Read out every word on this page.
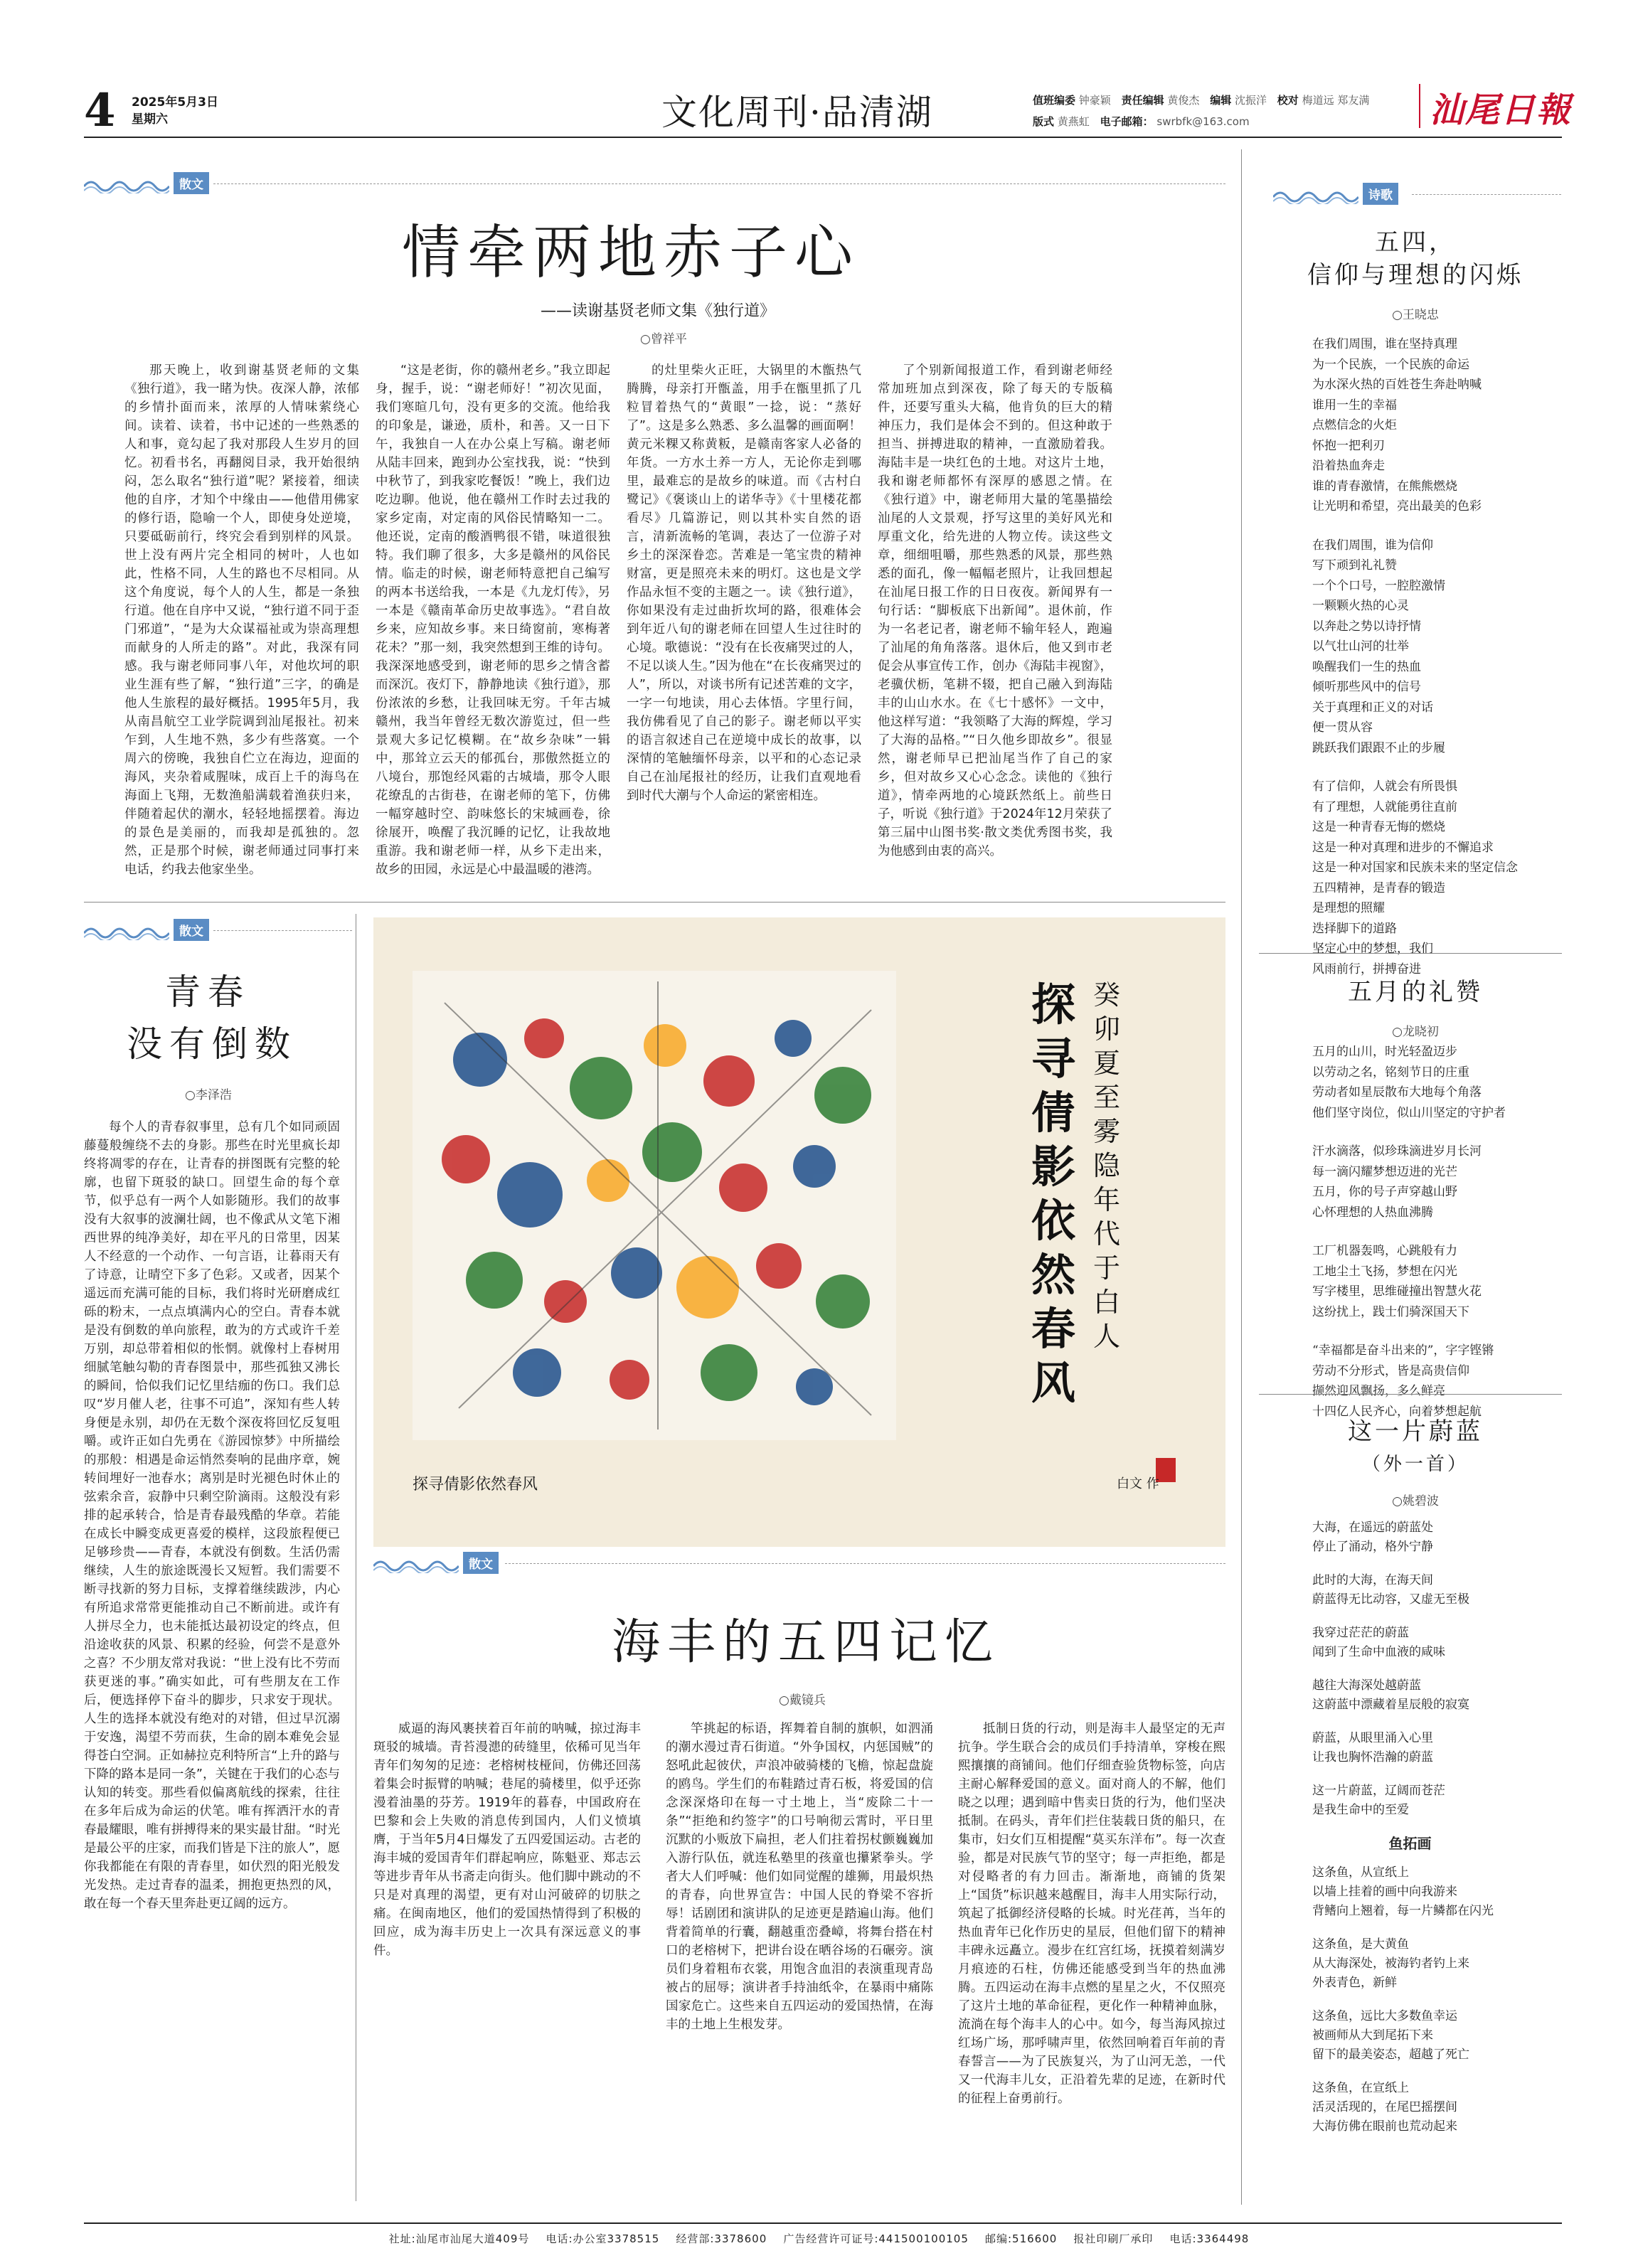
4 2025年5月3日
星期六	文化周刊·品清湖	值班编委 钟豪颖 责任编辑 黄俊杰 编辑 沈振洋 校对 梅道远 郑友满
版式 黄燕虹 电子邮箱： swrbfk@163.com	汕尾日報
散文
情牵两地赤子心
——读谢基贤老师文集《独行道》
○曾祥平

那天晚上，收到谢基贤老师的文集《独行道》，我一睹为快。夜深人静，浓郁的乡情扑面而来，浓厚的人情味萦绕心间。读着、读着，书中记述的一些熟悉的人和事，竟勾起了我对那段人生岁月的回忆。初看书名，再翻阅目录，我开始很纳闷，怎么取名“独行道”呢？紧接着，细读他的自序，才知个中缘由——他借用佛家的修行语，隐喻一个人，即使身处逆境，只要砥砺前行，终究会看到别样的风景。世上没有两片完全相同的树叶，人也如此，性格不同，人生的路也不尽相同。从这个角度说，每个人的人生，都是一条独行道。他在自序中又说，“独行道不同于歪门邪道”，“是为大众谋福祉或为崇高理想而献身的人所走的路”。对此，我深有同感。我与谢老师同事八年，对他坎坷的职业生涯有些了解，“独行道”三字，的确是他人生旅程的最好概括。1995年5月，我从南昌航空工业学院调到汕尾报社。初来乍到，人生地不熟，多少有些落寞。一个周六的傍晚，我独自伫立在海边，迎面的海风，夹杂着咸腥味，成百上千的海鸟在海面上飞翔，无数渔船满载着渔获归来，伴随着起伏的潮水，轻轻地摇摆着。海边的景色是美丽的，而我却是孤独的。忽然，正是那个时候，谢老师通过同事打来电话，约我去他家坐坐。

“这是老街，你的赣州老乡。”我立即起身，握手，说：“谢老师好！”初次见面，我们寒暄几句，没有更多的交流。他给我的印象是，谦逊，质朴，和善。又一日下午，我独自一人在办公桌上写稿。谢老师从陆丰回来，跑到办公室找我，说：“快到中秋节了，到我家吃餐饭！”晚上，我们边吃边聊。他说，他在赣州工作时去过我的家乡定南，对定南的风俗民情略知一二。他还说，定南的酸酒鸭很不错，味道很独特。我们聊了很多，大多是赣州的风俗民情。临走的时候，谢老师特意把自己编写的两本书送给我，一本是《九龙灯传》，另一本是《赣南革命历史故事选》。“君自故乡来，应知故乡事。来日绮窗前，寒梅著花未？”那一刻，我突然想到王维的诗句。我深深地感受到，谢老师的思乡之情含蓄而深沉。夜灯下，静静地读《独行道》，那份浓浓的乡愁，让我回味无穷。千年古城赣州，我当年曾经无数次游览过，但一些景观大多记忆模糊。在“故乡杂味”一辑中，那耸立云天的郁孤台，那傲然挺立的八境台，那饱经风霜的古城墙，那令人眼花缭乱的古街巷，在谢老师的笔下，仿佛一幅穿越时空、韵味悠长的宋城画卷，徐徐展开，唤醒了我沉睡的记忆，让我故地重游。我和谢老师一样，从乡下走出来，故乡的田园，永远是心中最温暖的港湾。

的灶里柴火正旺，大锅里的木甑热气腾腾，母亲打开甑盖，用手在甑里抓了几粒冒着热气的“黄眼”一捻，说：“蒸好了”。这是多么熟悉、多么温馨的画面啊！黄元米粿又称黄粄，是赣南客家人必备的年货。一方水土养一方人，无论你走到哪里，最难忘的是故乡的味道。而《古村白鹭记》《褒谈山上的诺华寺》《十里楼花都看尽》几篇游记，则以其朴实自然的语言，清新流畅的笔调，表达了一位游子对乡土的深深眷恋。苦难是一笔宝贵的精神财富，更是照亮未来的明灯。这也是文学作品永恒不变的主题之一。读《独行道》，你如果没有走过曲折坎坷的路，很难体会到年近八旬的谢老师在回望人生过往时的心境。歌德说：“没有在长夜痛哭过的人，不足以谈人生。”因为他在“在长夜痛哭过的人”，所以，对谈书所有记述苦难的文字，一字一句地读，用心去体悟。字里行间，我仿佛看见了自己的影子。谢老师以平实的语言叙述自己在逆境中成长的故事，以深情的笔触缅怀母亲，以平和的心态记录自己在汕尾报社的经历，让我们直观地看到时代大潮与个人命运的紧密相连。

了个别新闻报道工作，看到谢老师经常加班加点到深夜，除了每天的专版稿件，还要写重头大稿，他肯负的巨大的精神压力，我们是体会不到的。但这种敢于担当、拼搏进取的精神，一直激励着我。海陆丰是一块红色的土地。对这片土地，我和谢老师都怀有深厚的感恩之情。在《独行道》中，谢老师用大量的笔墨描绘汕尾的人文景观，抒写这里的美好风光和厚重文化，给先进的人物立传。读这些文章，细细咀嚼，那些熟悉的风景，那些熟悉的面孔，像一幅幅老照片，让我回想起在汕尾日报工作的日日夜夜。新闻界有一句行话：“脚板底下出新闻”。退休前，作为一名老记者，谢老师不输年轻人，跑遍了汕尾的角角落落。退休后，他又到市老促会从事宣传工作，创办《海陆丰视窗》，老骥伏枥，笔耕不辍，把自己融入到海陆丰的山山水水。在《七十感怀》一文中，他这样写道：“我领略了大海的辉煌，学习了大海的品格。”“日久他乡即故乡”。很显然，谢老师早已把汕尾当作了自己的家乡，但对故乡又心心念念。读他的《独行道》，情牵两地的心境跃然纸上。前些日子，听说《独行道》于2024年12月荣获了第三届中山图书奖·散文类优秀图书奖，我为他感到由衷的高兴。

散文
青春
没有倒数
○李泽浩

每个人的青春叙事里，总有几个如同顽固藤蔓般缠绕不去的身影。那些在时光里疯长却终将凋零的存在，让青春的拼图既有完整的轮廓，也留下斑驳的缺口。回望生命的每个章节，似乎总有一两个人如影随形。我们的故事没有大叙事的波澜壮阔，也不像武从文笔下湘西世界的纯净美好，却在平凡的日常里，因某人不经意的一个动作、一句言语，让暮雨天有了诗意，让晴空下多了色彩。又或者，因某个遥远而充满可能的目标，我们将时光研磨成红砾的粉末，一点点填满内心的空白。青春本就是没有倒数的单向旅程，敢为的方式或许千差万别，却总带着相似的怅惘。就像村上春树用细腻笔触勾勒的青春图景中，那些孤独又沸长的瞬间，恰似我们记忆里结痂的伤口。我们总叹“岁月催人老，往事不可追”，深知有些人转身便是永别，却仍在无数个深夜将回忆反复咀嚼。或许正如白先勇在《游园惊梦》中所描绘的那般：相遇是命运悄然奏响的昆曲序章，婉转间埋好一池春水；离别是时光褪色时休止的弦索余音，寂静中只剩空阶滴雨。这般没有彩排的起承转合，恰是青春最残酷的华章。若能在成长中瞬变成更喜爱的模样，这段旅程便已足够珍贵——青春，本就没有倒数。生活仍需继续，人生的旅途既漫长又短暂。我们需要不断寻找新的努力目标，支撑着继续跋涉，内心有所追求常常更能推动自己不断前进。或许有人拼尽全力，也未能抵达最初设定的终点，但沿途收获的风景、积累的经验，何尝不是意外之喜？不少朋友常对我说：“世上没有比不劳而获更迷的事。”确实如此，可有些朋友在工作后，便选择停下奋斗的脚步，只求安于现状。人生的选择本就没有绝对的对错，但过早沉溺于安逸，渴望不劳而获，生命的剧本难免会显得苍白空洞。正如赫拉克利特所言“上升的路与下降的路本是同一条”，关键在于我们的心态与认知的转变。那些看似偏离航线的探索，往往在多年后成为命运的伏笔。唯有挥洒汗水的青春最耀眼，唯有拼搏得来的果实最甘甜。“时光是最公平的庄家，而我们皆是下注的旅人”，愿你我都能在有限的青春里，如伏烈的阳光般发光发热。走过青春的温柔，拥抱更热烈的风，敢在每一个春天里奔赴更辽阔的远方。

探寻倩影依然春风
癸卯夏至雾隐年代于白人
探寻倩影依然春风	白文 作
散文
海丰的五四记忆
○戴镜兵

威逼的海风裹挟着百年前的呐喊，掠过海丰斑驳的城墙。青苔漫漶的砖缝里，依稀可见当年青年们匆匆的足迹：老榕树枝桠间，仿佛还回荡着集会时振臂的呐喊；巷尾的骑楼里，似乎还弥漫着油墨的芬芳。1919年的暮春，中国政府在巴黎和会上失败的消息传到国内，人们义愤填膺，于当年5月4日爆发了五四爱国运动。古老的海丰城的爱国青年们群起响应，陈魁亚、郑志云等进步青年从书斋走向街头。他们脚中跳动的不只是对真理的渴望，更有对山河破碎的切肤之痛。在闽南地区，他们的爱国热情得到了积极的回应，成为海丰历史上一次具有深远意义的事件。

竿挑起的标语，挥舞着自制的旗帜，如泗涌的潮水漫过青石街道。“外争国权，内惩国贼”的怒吼此起彼伏，声浪冲破骑楼的飞檐，惊起盘旋的鸥鸟。学生们的布鞋踏过青石板，将爱国的信念深深烙印在每一寸土地上，当“废除二十一条”“拒绝和约签字”的口号响彻云霄时，平日里沉默的小贩放下扁担，老人们拄着拐杖颤巍巍加入游行队伍，就连私塾里的孩童也攥紧拳头。学者大人们呼喊：他们如同觉醒的雄狮，用最炽热的青春，向世界宣告：中国人民的脊梁不容折辱！话剧团和演讲队的足迹更是踏遍山海。他们背着简单的行囊，翻越重峦叠嶂，将舞台搭在村口的老榕树下，把讲台设在晒谷场的石碾旁。演员们身着粗布衣裳，用饱含血泪的表演重现青岛被占的屈辱；演讲者手持油纸伞，在暴雨中痛陈国家危亡。这些来自五四运动的爱国热情，在海丰的土地上生根发芽。

抵制日货的行动，则是海丰人最坚定的无声抗争。学生联合会的成员们手持清单，穿梭在熙熙攘攘的商铺间。他们仔细查验货物标签，向店主耐心解释爱国的意义。面对商人的不解，他们晓之以理；遇到暗中售卖日货的行为，他们坚决抵制。在码头，青年们拦住装载日货的船只，在集市，妇女们互相提醒“莫买东洋布”。每一次查验，都是对民族气节的坚守；每一声拒绝，都是对侵略者的有力回击。渐渐地，商铺的货架上“国货”标识越来越醒目，海丰人用实际行动，筑起了抵御经济侵略的长城。时光荏苒，当年的热血青年已化作历史的星辰，但他们留下的精神丰碑永远矗立。漫步在红宫红场，抚摸着刻满岁月痕迹的石柱，仿佛还能感受到当年的热血沸腾。五四运动在海丰点燃的星星之火，不仅照亮了这片土地的革命征程，更化作一种精神血脉，流淌在每个海丰人的心中。如今，每当海风掠过红场广场，那呼啸声里，依然回响着百年前的青春誓言——为了民族复兴，为了山河无恙，一代又一代海丰儿女，正沿着先辈的足迹，在新时代的征程上奋勇前行。

诗歌
五四，
信仰与理想的闪烁
○王晓忠
在我们周围，谁在坚持真理
为一个民族，一个民族的命运
为水深火热的百姓苍生奔赴呐喊
谁用一生的幸福
点燃信念的火炬
怀抱一把利刃
沿着热血奔走
谁的青春激情，在熊熊燃烧
让光明和希望，亮出最美的色彩
在我们周围，谁为信仰
写下顽到礼礼赞
一个个口号，一腔腔激情
一颗颗火热的心灵
以奔赴之势以诗抒情
以气壮山河的壮举
唤醒我们一生的热血
倾听那些风中的信号
关于真理和正义的对话
便一贯从容
跳跃我们跟跟不止的步履
有了信仰，人就会有所畏惧
有了理想，人就能勇往直前
这是一种青春无悔的燃烧
这是一种对真理和进步的不懈追求
这是一种对国家和民族未来的坚定信念
五四精神，是青春的锻造
是理想的照耀
迭择脚下的道路
坚定心中的梦想，我们
风雨前行，拼搏奋进
五月的礼赞
○龙晓初
五月的山川，时光轻盈迈步
以劳动之名，铭刻节日的庄重
劳动者如星辰散布大地每个角落
他们坚守岗位，似山川坚定的守护者
汗水滴落，似珍珠滴进岁月长河
每一滴闪耀梦想迈进的光芒
五月，你的号子声穿越山野
心怀理想的人热血沸腾
工厂机器轰鸣，心跳般有力
工地尘土飞扬，梦想在闪光
写字楼里，思维碰撞出智慧火花
这纷扰上，践士们骑深国天下
“幸福都是奋斗出来的”，字字铿锵
劳动不分形式，皆是高贵信仰
撷然迎风飘扬，多么鲜亮
十四亿人民齐心，向着梦想起航
这一片蔚蓝
（外一首）
○姚碧波
大海，在遥远的蔚蓝处
停止了涌动，格外宁静
此时的大海，在海天间
蔚蓝得无比动容，又虚无至极
我穿过茫茫的蔚蓝
闻到了生命中血液的咸味
越往大海深处越蔚蓝
这蔚蓝中漂藏着星辰般的寂寞
蔚蓝，从眼里涌入心里
让我也胸怀浩瀚的蔚蓝
这一片蔚蓝，辽阔而苍茫
是我生命中的至爱
鱼拓画
这条鱼，从宣纸上
以墙上挂着的画中向我游来
背鳍向上翘着，每一片鳞都在闪光
这条鱼，是大黄鱼
从大海深处，被海钓者钓上来
外表青色，新鲜
这条鱼，远比大多数鱼幸运
被画师从大到尾拓下来
留下的最美姿态，超越了死亡
这条鱼，在宣纸上
活灵活现的，在尾巴摇摆间
大海仿佛在眼前也荒动起来
社址:汕尾市汕尾大道409号 电话:办公室3378515 经营部:3378600 广告经营许可证号:441500100105 邮编:516600 报社印刷厂承印 电话:3364498
